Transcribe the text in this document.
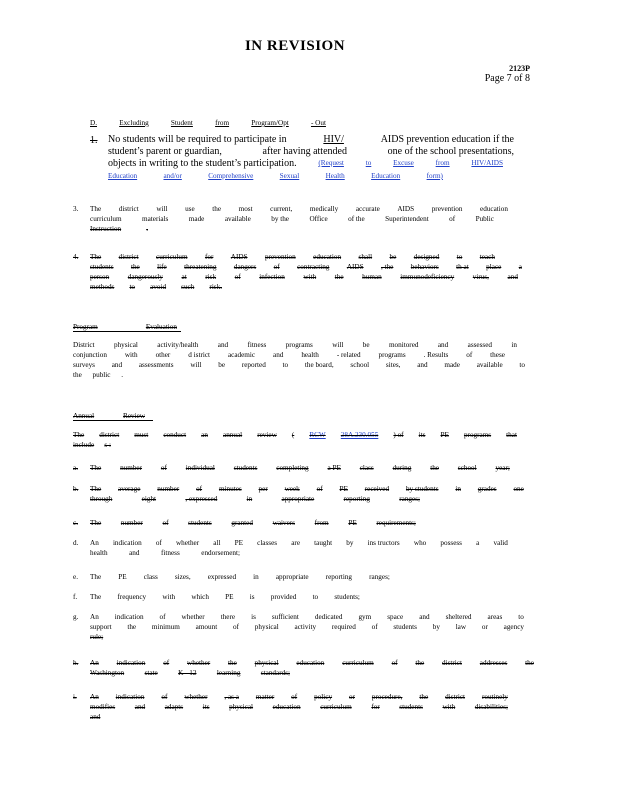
IN REVISION
2123P
Page 7 of 8
D.	Excluding	Student	from	Program/Opt	- Out
1. No students will be required to participate in	HIV/	AIDS prevention education if the
student’s parent or guardian,	after having attended	one of the school presentations,
objects in writing to the student’s participation.	(Request	to	Excuse	from	HIV/AIDS
Education	and/or	Comprehensive	Sexual	Health	Education	form)
3. The district will use the most current, medically accurate AIDS prevention education
curriculum	materials	made	available	by the	Office	of the	Superintendent	of	Public
Instruction	.
4. The district curriculum for AIDS prevention education shall be designed to teach
students the life threatening dangers of contracting AIDS , the behaviors th at place a
person	dangerously	at	risk	of	infection	with	the	human	immunodeficiency	virus,	and
methods to avoid such risk.
Program	Evaluation
District	physical	activity/health	and	fitness	programs	will	be	monitored	and	assessed	in
conjunction with other d istrict academic and health - related programs . Results of these
surveys and assessments will be reported to the board, school sites, and made available to
the public .
Annual	Review
The district must conduct an annual review ( RCW 28A.230.055 ) of its PE programs that
include s :
a. The	number	of	individual	students	completing	a PE	class	during	the	school	year;
b. The average number of minutes per week of PE received by students in grades one
through	eight	, expressed	in	appropriate	reporting	ranges;
c. The	number	of	students	granted	waivers	from	PE	requirements;
d. An indication of whether all PE classes are taught by ins tructors who possess a valid
health	and	fitness	endorsement;
e. The PE class sizes, expressed in appropriate reporting ranges;
f. The frequency with which PE is provided to students;
g. An indication of whether there is sufficient dedicated gym space and sheltered areas to
support the minimum amount of physical activity required of students by law or agency
rule;
h. An indication of whether the physical education curriculum of the district addresses the
Washington	state	K - 12	learning	standards;
i. An indication of whether , as a matter of policy or procedure, the district routinely
modifies	and	adapts	its	physical	education	curriculum	for	students	with	disabilities;
and
